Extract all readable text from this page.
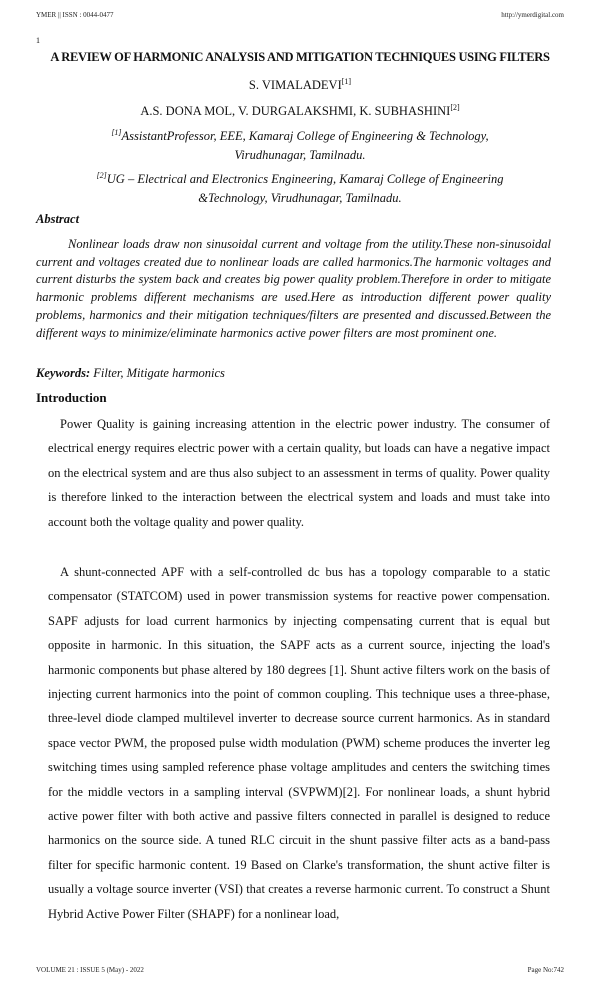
YMER || ISSN : 0044-0477	http://ymerdigital.com
1
A REVIEW OF HARMONIC ANALYSIS AND MITIGATION TECHNIQUES USING FILTERS
S. VIMALADEVI[1]
A.S. DONA MOL, V. DURGALAKSHMI, K. SUBHASHINI[2]
[1]AssistantProfessor, EEE, Kamaraj College of Engineering & Technology, Virudhunagar, Tamilnadu.
[2]UG – Electrical and Electronics Engineering, Kamaraj College of Engineering &Technology, Virudhunagar, Tamilnadu.
Abstract

Nonlinear loads draw non sinusoidal current and voltage from the utility.These non-sinusoidal current and voltages created due to nonlinear loads are called harmonics.The harmonic voltages and current disturbs the system back and creates big power quality problem.Therefore in order to mitigate harmonic problems different mechanisms are used.Here as introduction different power quality problems, harmonics and their mitigation techniques/filters are presented and discussed.Between the different ways to minimize/eliminate harmonics active power filters are most prominent one.

Keywords: Filter, Mitigate harmonics
Introduction

Power Quality is gaining increasing attention in the electric power industry. The consumer of electrical energy requires electric power with a certain quality, but loads can have a negative impact on the electrical system and are thus also subject to an assessment in terms of quality. Power quality is therefore linked to the interaction between the electrical system and loads and must take into account both the voltage quality and power quality.

A shunt-connected APF with a self-controlled dc bus has a topology comparable to a static compensator (STATCOM) used in power transmission systems for reactive power compensation. SAPF adjusts for load current harmonics by injecting compensating current that is equal but opposite in harmonic. In this situation, the SAPF acts as a current source, injecting the load's harmonic components but phase altered by 180 degrees [1]. Shunt active filters work on the basis of injecting current harmonics into the point of common coupling. This technique uses a three-phase, three-level diode clamped multilevel inverter to decrease source current harmonics. As in standard space vector PWM, the proposed pulse width modulation (PWM) scheme produces the inverter leg switching times using sampled reference phase voltage amplitudes and centers the switching times for the middle vectors in a sampling interval (SVPWM)[2]. For nonlinear loads, a shunt hybrid active power filter with both active and passive filters connected in parallel is designed to reduce harmonics on the source side. A tuned RLC circuit in the shunt passive filter acts as a band-pass filter for specific harmonic content. 19 Based on Clarke's transformation, the shunt active filter is usually a voltage source inverter (VSI) that creates a reverse harmonic current. To construct a Shunt Hybrid Active Power Filter (SHAPF) for a nonlinear load,

VOLUME 21 : ISSUE 5 (May) - 2022	Page No:742
